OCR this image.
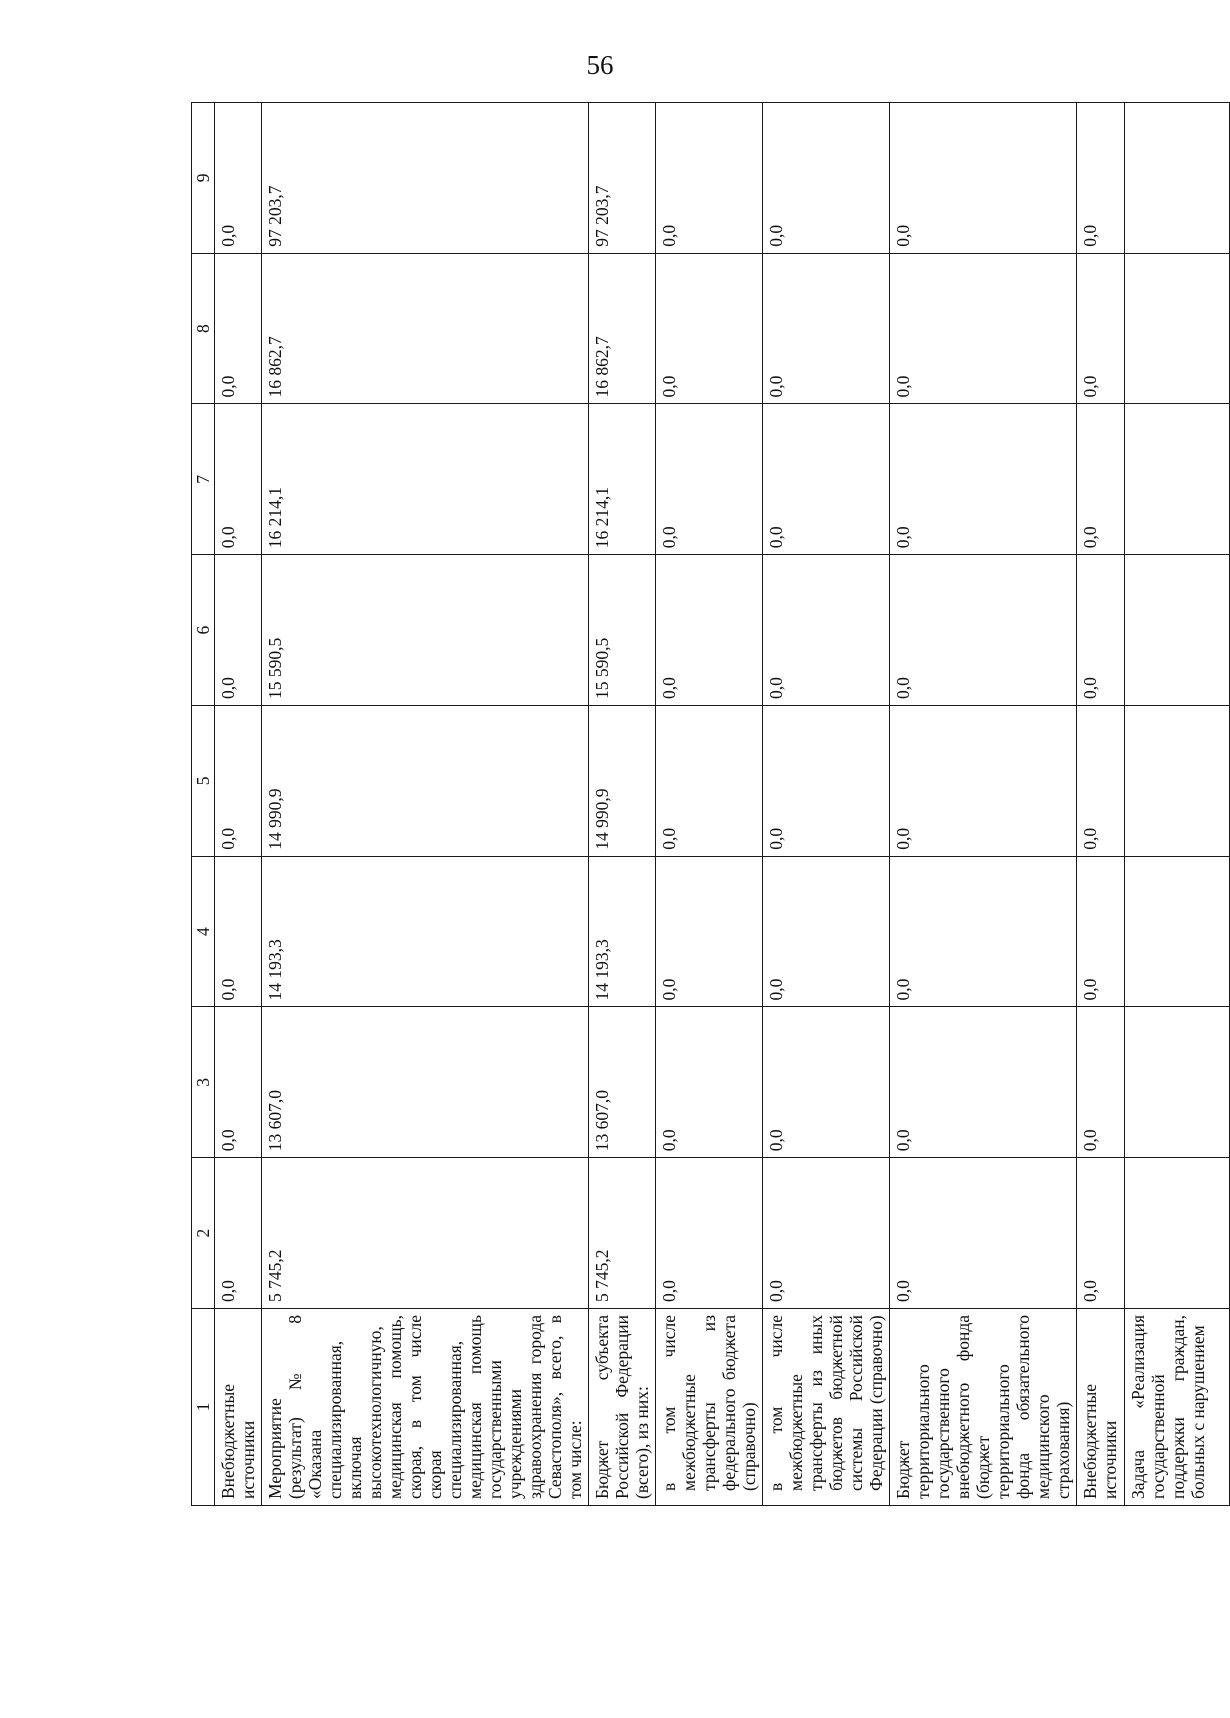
56
1	2	3	4	5	6	7	8	9
Внебюджетные источники	0,0	0,0	0,0	0,0	0,0	0,0	0,0	0,0
Мероприятие (результат) № 8 «Оказана специализированная, включая высокотехнологичную, медицинская помощь, скорая, в том числе скорая специализированная, медицинская помощь государственными учреждениями здравоохранения города Севастополя», всего, в том числе:	5 745,2	13 607,0	14 193,3	14 990,9	15 590,5	16 214,1	16 862,7	97 203,7
Бюджет субъекта Российской Федерации (всего), из них:	5 745,2	13 607,0	14 193,3	14 990,9	15 590,5	16 214,1	16 862,7	97 203,7
в том числе межбюджетные трансферты из федерального бюджета (справочно)	0,0	0,0	0,0	0,0	0,0	0,0	0,0	0,0
в том числе межбюджетные трансферты из иных бюджетов бюджетной системы Российской Федерации (справочно)	0,0	0,0	0,0	0,0	0,0	0,0	0,0	0,0
Бюджет территориального государственного внебюджетного фонда (бюджет территориального фонда обязательного медицинского страхования)	0,0	0,0	0,0	0,0	0,0	0,0	0,0	0,0
Внебюджетные источники	0,0	0,0	0,0	0,0	0,0	0,0	0,0	0,0
Задача «Реализация государственной поддержки граждан, больных с нарушением								
